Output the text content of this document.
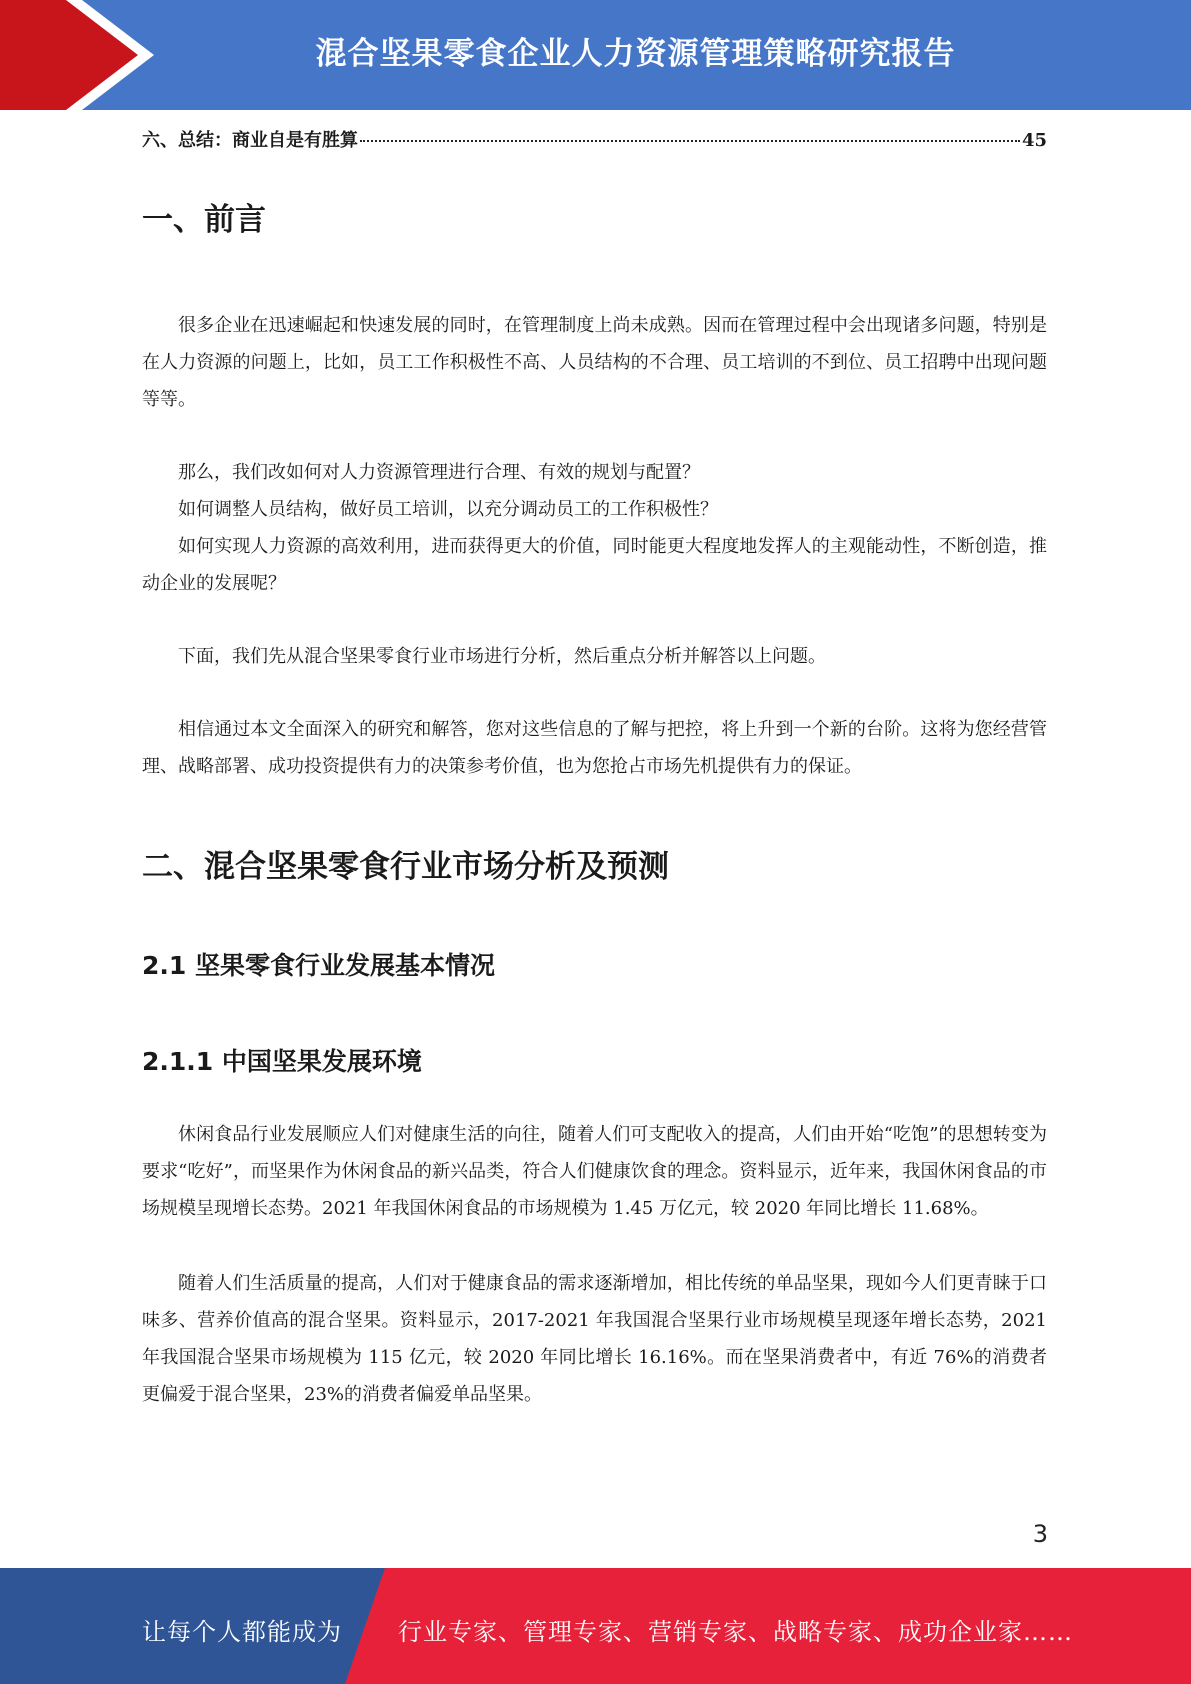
混合坚果零食企业人力资源管理策略研究报告
六、总结：商业自是有胜算	45
一、前言

很多企业在迅速崛起和快速发展的同时，在管理制度上尚未成熟。因而在管理过程中会出现诸多问题，特别是在人力资源的问题上，比如，员工工作积极性不高、人员结构的不合理、员工培训的不到位、员工招聘中出现问题等等。

那么，我们改如何对人力资源管理进行合理、有效的规划与配置？

如何调整人员结构，做好员工培训，以充分调动员工的工作积极性？

如何实现人力资源的高效利用，进而获得更大的价值，同时能更大程度地发挥人的主观能动性，不断创造，推动企业的发展呢？

下面，我们先从混合坚果零食行业市场进行分析，然后重点分析并解答以上问题。

相信通过本文全面深入的研究和解答，您对这些信息的了解与把控，将上升到一个新的台阶。这将为您经营管理、战略部署、成功投资提供有力的决策参考价值，也为您抢占市场先机提供有力的保证。

二、混合坚果零食行业市场分析及预测
2.1 坚果零食行业发展基本情况
2.1.1 中国坚果发展环境

休闲食品行业发展顺应人们对健康生活的向往，随着人们可支配收入的提高，人们由开始“吃饱”的思想转变为要求“吃好”，而坚果作为休闲食品的新兴品类，符合人们健康饮食的理念。资料显示，近年来，我国休闲食品的市场规模呈现增长态势。2021 年我国休闲食品的市场规模为 1.45 万亿元，较 2020 年同比增长 11.68%。

随着人们生活质量的提高，人们对于健康食品的需求逐渐增加，相比传统的单品坚果，现如今人们更青睐于口味多、营养价值高的混合坚果。资料显示，2017-2021 年我国混合坚果行业市场规模呈现逐年增长态势，2021 年我国混合坚果市场规模为 115 亿元，较 2020 年同比增长 16.16%。而在坚果消费者中，有近 76%的消费者更偏爱于混合坚果，23%的消费者偏爱单品坚果。

3
让每个人都能成为 行业专家、管理专家、营销专家、战略专家、成功企业家……
